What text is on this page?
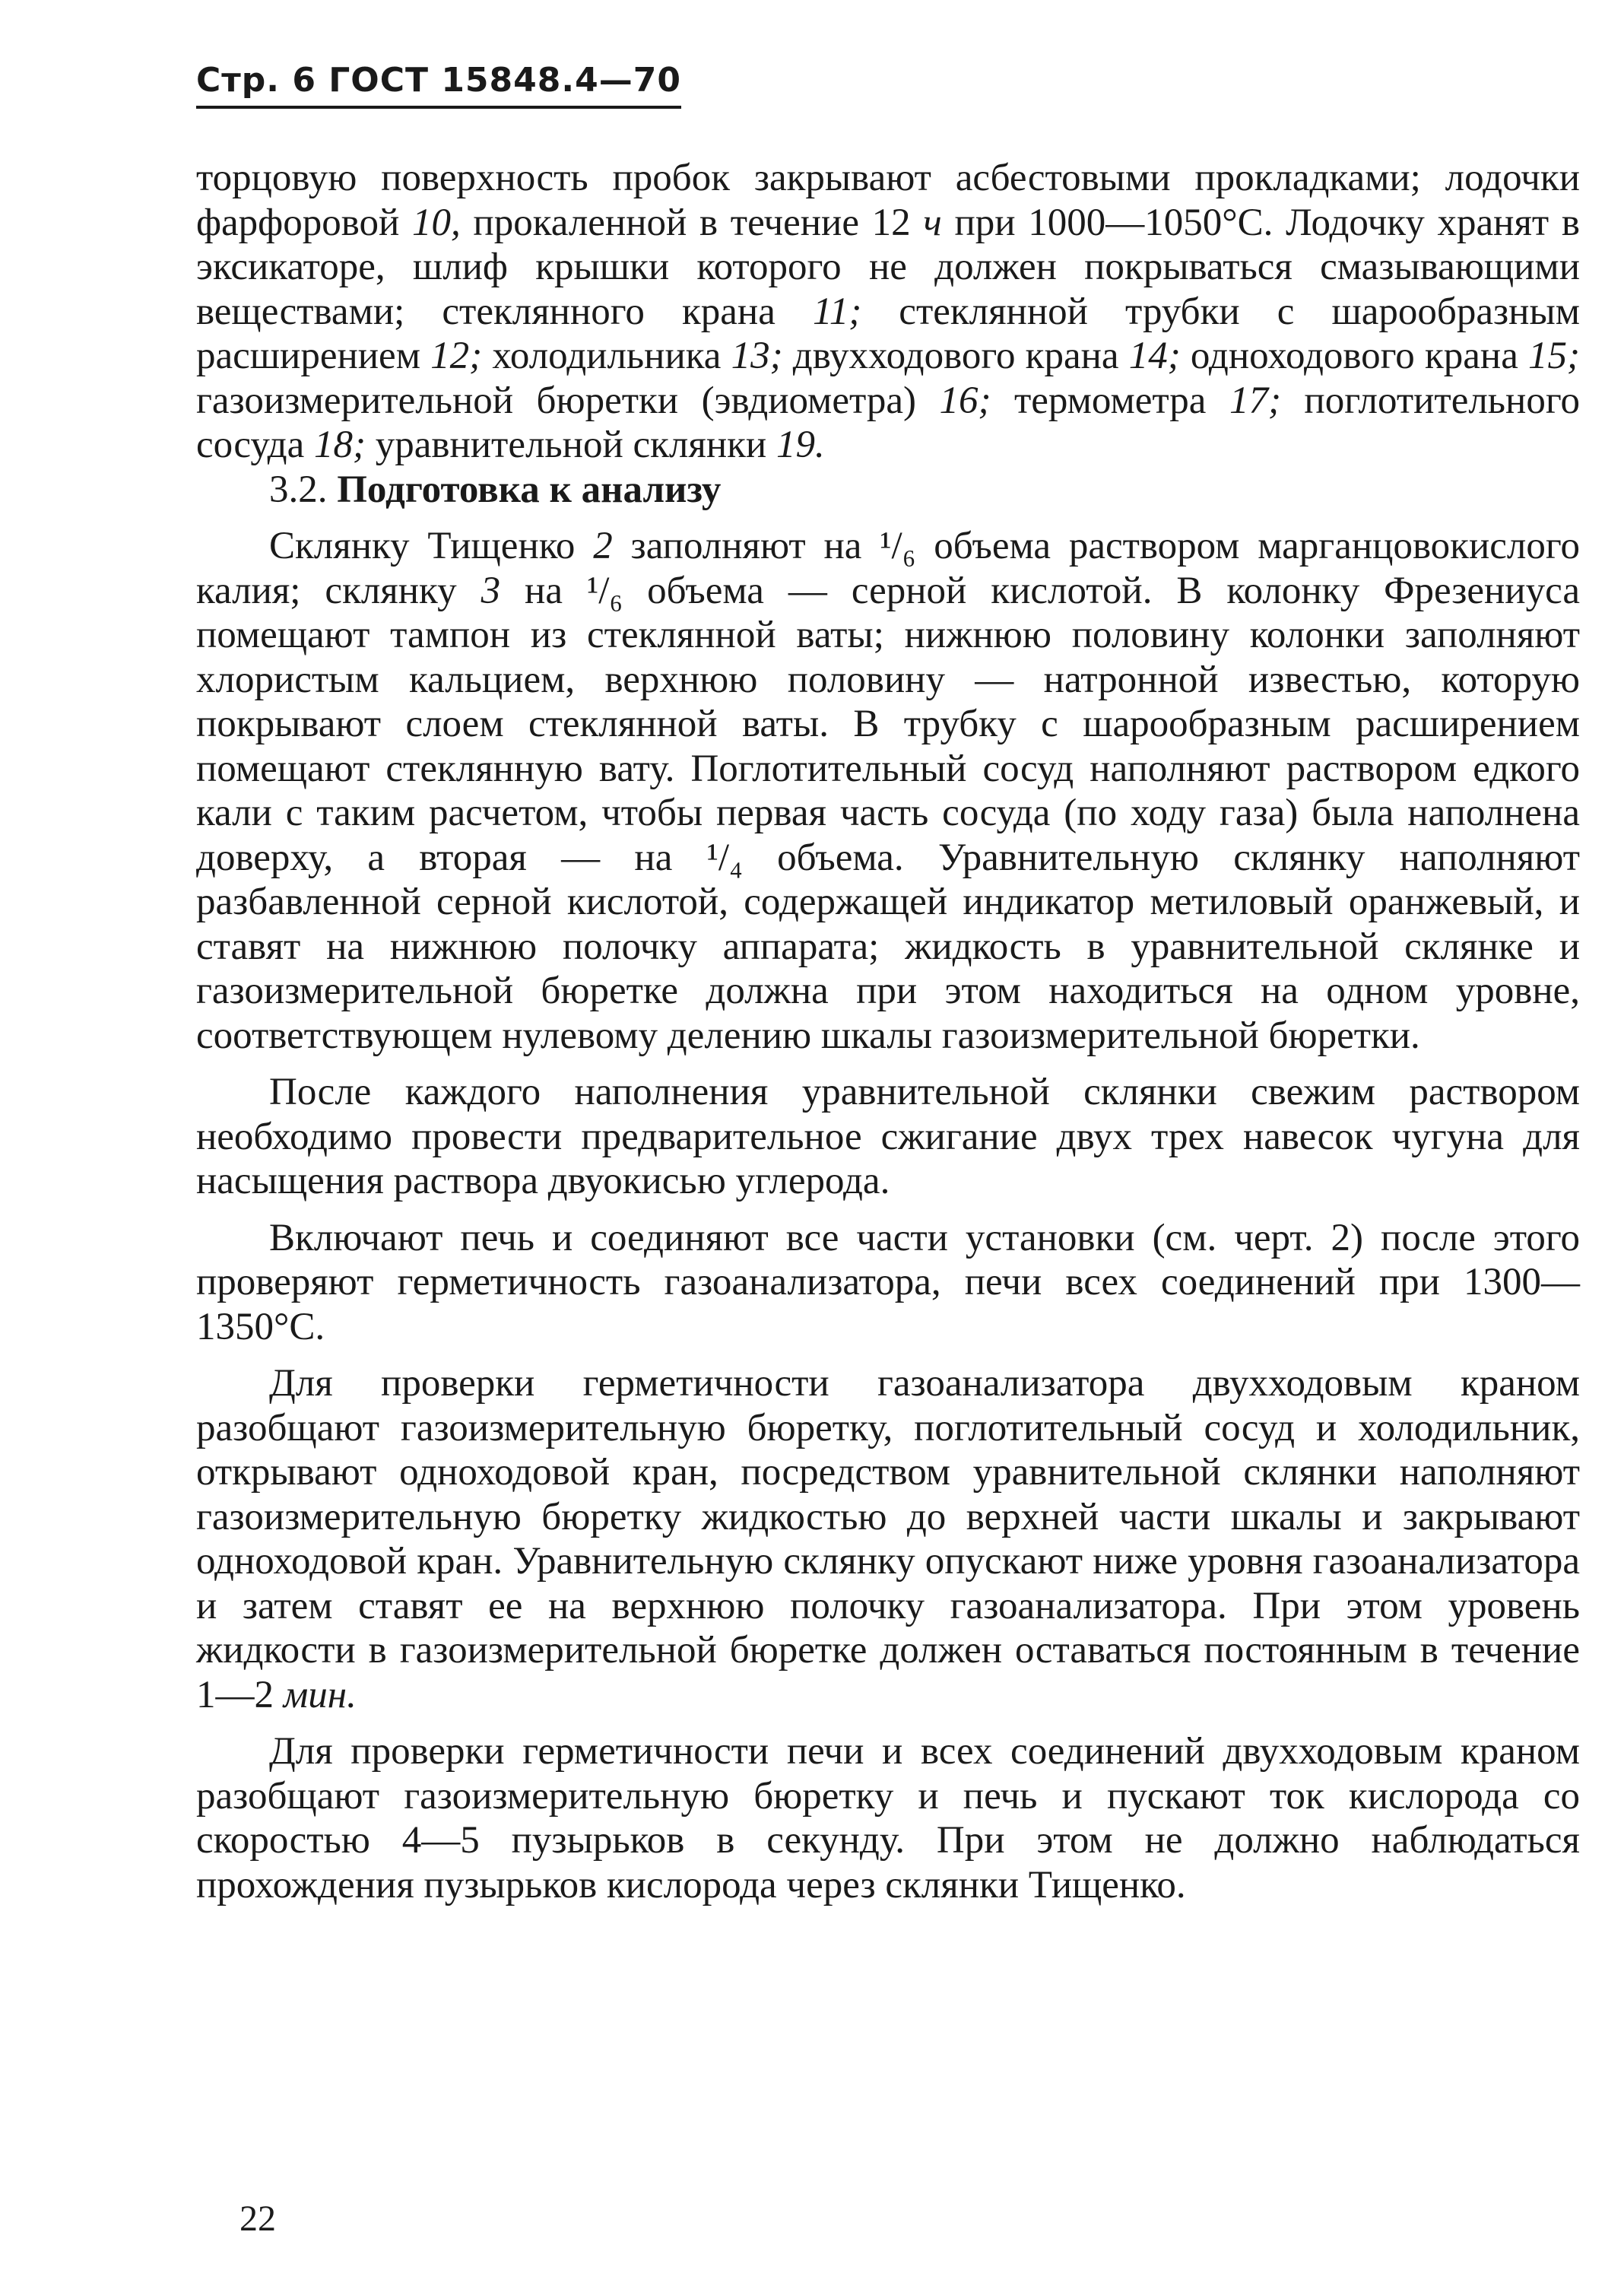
Стр. 6 ГОСТ 15848.4—70

торцовую поверхность пробок закрывают асбестовыми прокладками; лодочки фарфоровой 10, прокаленной в течение 12 ч при 1000—1050°С. Лодочку хранят в эксикаторе, шлиф крышки которого не должен покрываться смазывающими веществами; стеклянного крана 11; стеклянной трубки с шарообразным расширением 12; холодильника 13; двухходового крана 14; одноходового крана 15; газоизмерительной бюретки (эвдиометра) 16; термометра 17; поглотительного сосуда 18; уравнительной склянки 19.

3.2. Подготовка к анализу

Склянку Тищенко 2 заполняют на ¹/₆ объема раствором марганцовокислого калия; склянку 3 на ¹/₆ объема — серной кислотой. В колонку Фрезениуса помещают тампон из стеклянной ваты; нижнюю половину колонки заполняют хлористым кальцием, верхнюю половину — натронной известью, которую покрывают слоем стеклянной ваты. В трубку с шарообразным расширением помещают стеклянную вату. Поглотительный сосуд наполняют раствором едкого кали с таким расчетом, чтобы первая часть сосуда (по ходу газа) была наполнена доверху, а вторая — на ¹/₄ объема. Уравнительную склянку наполняют разбавленной серной кислотой, содержащей индикатор метиловый оранжевый, и ставят на нижнюю полочку аппарата; жидкость в уравнительной склянке и газоизмерительной бюретке должна при этом находиться на одном уровне, соответствующем нулевому делению шкалы газоизмерительной бюретки.

После каждого наполнения уравнительной склянки свежим раствором необходимо провести предварительное сжигание двух трех навесок чугуна для насыщения раствора двуокисью углерода.

Включают печь и соединяют все части установки (см. черт. 2) после этого проверяют герметичность газоанализатора, печи всех соединений при 1300—1350°С.

Для проверки герметичности газоанализатора двухходовым краном разобщают газоизмерительную бюретку, поглотительный сосуд и холодильник, открывают одноходовой кран, посредством уравнительной склянки наполняют газоизмерительную бюретку жидкостью до верхней части шкалы и закрывают одноходовой кран. Уравнительную склянку опускают ниже уровня газоанализатора и затем ставят ее на верхнюю полочку газоанализатора. При этом уровень жидкости в газоизмерительной бюретке должен оставаться постоянным в течение 1—2 мин.

Для проверки герметичности печи и всех соединений двухходовым краном разобщают газоизмерительную бюретку и печь и пускают ток кислорода со скоростью 4—5 пузырьков в секунду. При этом не должно наблюдаться прохождения пузырьков кислорода через склянки Тищенко.

22
